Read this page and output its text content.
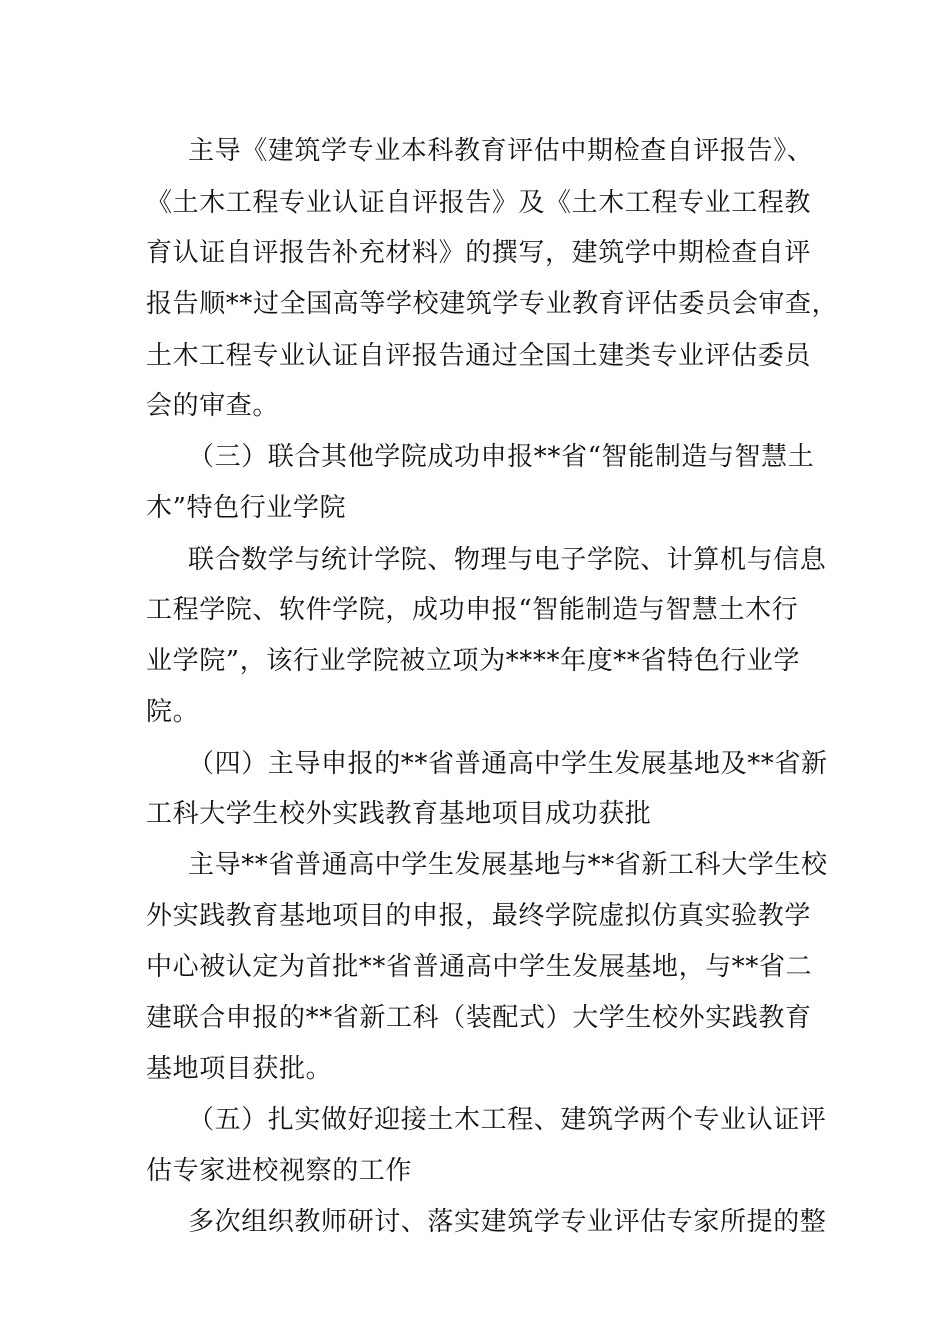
主导《建筑学专业本科教育评估中期检查自评报告》、
《土木工程专业认证自评报告》及《土木工程专业工程教
育认证自评报告补充材料》的撰写，建筑学中期检查自评
报告顺**过全国高等学校建筑学专业教育评估委员会审查，
土木工程专业认证自评报告通过全国土建类专业评估委员
会的审查。
（三）联合其他学院成功申报**省“智能制造与智慧土
木”特色行业学院
联合数学与统计学院、物理与电子学院、计算机与信息
工程学院、软件学院，成功申报“智能制造与智慧土木行
业学院”，该行业学院被立项为****年度**省特色行业学
院。
（四）主导申报的**省普通高中学生发展基地及**省新
工科大学生校外实践教育基地项目成功获批
主导**省普通高中学生发展基地与**省新工科大学生校
外实践教育基地项目的申报，最终学院虚拟仿真实验教学
中心被认定为首批**省普通高中学生发展基地，与**省二
建联合申报的**省新工科（装配式）大学生校外实践教育
基地项目获批。
（五）扎实做好迎接土木工程、建筑学两个专业认证评
估专家进校视察的工作
多次组织教师研讨、落实建筑学专业评估专家所提的整
